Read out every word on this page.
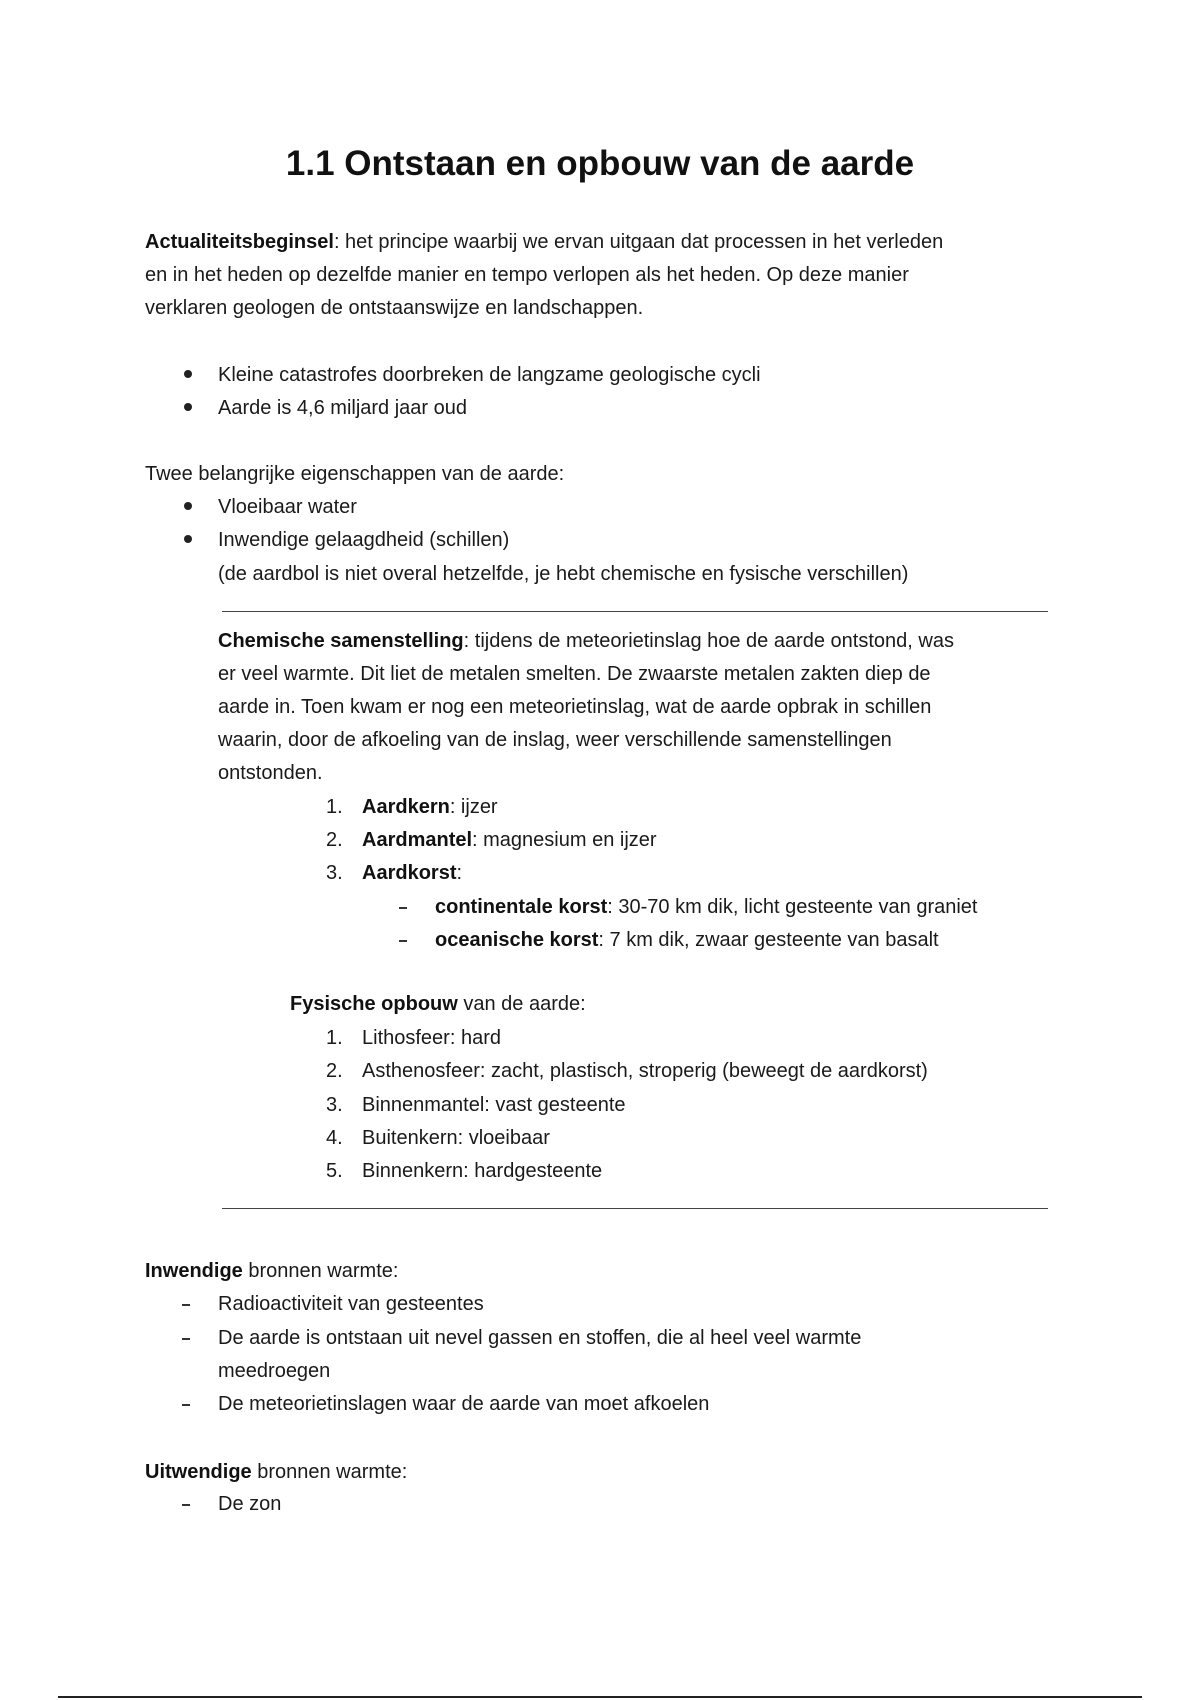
1.1 Ontstaan en opbouw van de aarde
Actualiteitsbeginsel: het principe waarbij we ervan uitgaan dat processen in het verleden
en in het heden op dezelfde manier en tempo verlopen als het heden. Op deze manier
verklaren geologen de ontstaanswijze en landschappen.
Kleine catastrofes doorbreken de langzame geologische cycli
Aarde is 4,6 miljard jaar oud
Twee belangrijke eigenschappen van de aarde:
Vloeibaar water
Inwendige gelaagdheid (schillen)
(de aardbol is niet overal hetzelfde, je hebt chemische en fysische verschillen)
Chemische samenstelling: tijdens de meteorietinslag hoe de aarde ontstond, was
er veel warmte. Dit liet de metalen smelten. De zwaarste metalen zakten diep de
aarde in. Toen kwam er nog een meteorietinslag, wat de aarde opbrak in schillen
waarin, door de afkoeling van de inslag, weer verschillende samenstellingen
ontstonden.
1. Aardkern: ijzer
2. Aardmantel: magnesium en ijzer
3. Aardkorst:
continentale korst: 30-70 km dik, licht gesteente van graniet
oceanische korst: 7 km dik, zwaar gesteente van basalt
Fysische opbouw van de aarde:
1. Lithosfeer: hard
2. Asthenosfeer: zacht, plastisch, stroperig (beweegt de aardkorst)
3. Binnenmantel: vast gesteente
4. Buitenkern: vloeibaar
5. Binnenkern: hardgesteente
Inwendige bronnen warmte:
Radioactiviteit van gesteentes
De aarde is ontstaan uit nevel gassen en stoffen, die al heel veel warmte
meedroegen
De meteorietinslagen waar de aarde van moet afkoelen
Uitwendige bronnen warmte:
De zon
